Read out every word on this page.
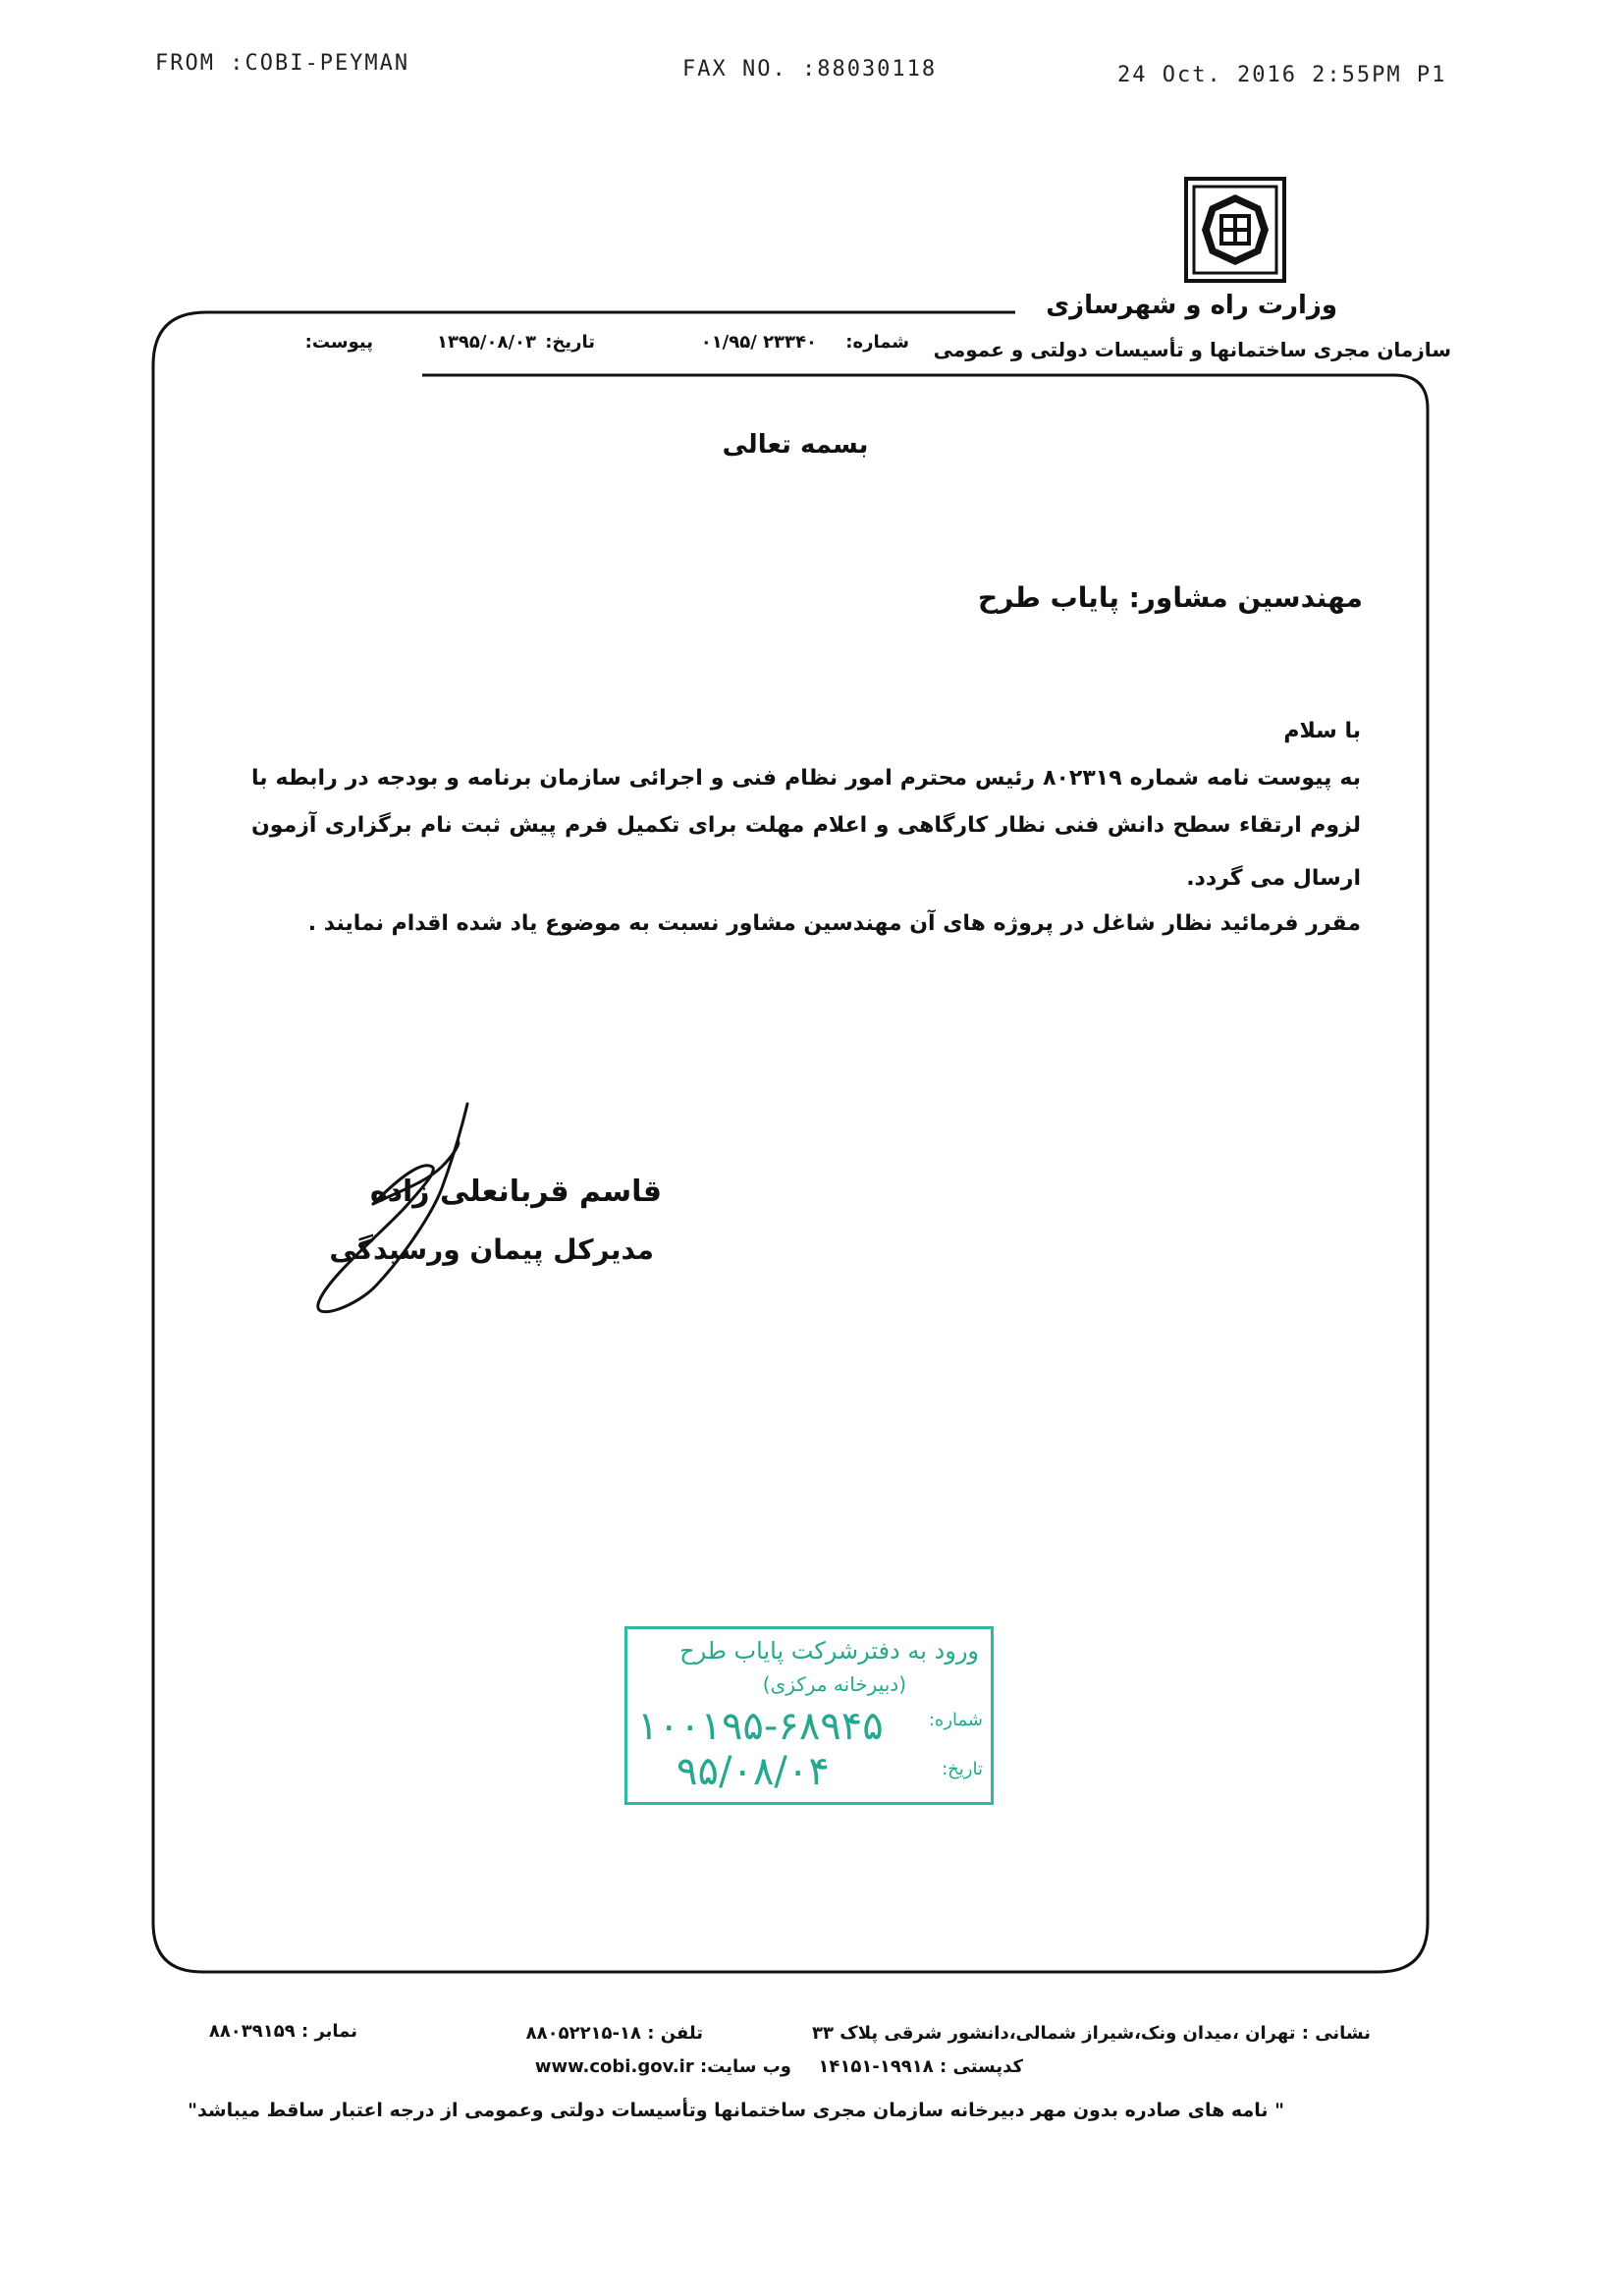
FROM :COBI-PEYMAN	FAX NO. :88030118	24 Oct. 2016 2:55PM P1
وزارت راه و شهرسازی
سازمان مجری ساختمانها و تأسیسات دولتی و عمومی
شماره:
۰۱/۹۵/ ۲۳۳۴۰
تاریخ:
۱۳۹۵/۰۸/۰۳
پیوست:
بسمه تعالی
مهندسین مشاور: پایاب طرح
با سلام
به پیوست نامه شماره ۸۰۲۳۱۹ رئیس محترم امور نظام فنی و اجرائی سازمان برنامه و بودجه در رابطه با
لزوم ارتقاء سطح دانش فنی نظار کارگاهی و اعلام مهلت برای تکمیل فرم پیش ثبت نام برگزاری آزمون
ارسال می گردد.
مقرر فرمائید نظار شاغل در پروژه های آن مهندسین مشاور نسبت به موضوع یاد شده اقدام نمایند .
قاسم قربانعلی زاده
مدیرکل پیمان ورسیدگی
ورود به دفترشرکت پایاب طرح
(دبیرخانه مرکزی)
شماره:
۱۰۰۱۹۵-۶۸۹۴۵
تاریخ:
۹۵/۰۸/۰۴
نشانی : تهران ،میدان ونک،شیراز شمالی،دانشور شرقی پلاک ۳۳
کدپستی : ۱۹۹۱۸-۱۴۱۵۱
تلفن : ۱۸-۸۸۰۵۲۲۱۵
وب سایت: www.cobi.gov.ir
نمابر : ۸۸۰۳۹۱۵۹
" نامه های صادره بدون مهر دبیرخانه سازمان مجری ساختمانها وتأسیسات دولتی وعمومی از درجه اعتبار ساقط میباشد"
